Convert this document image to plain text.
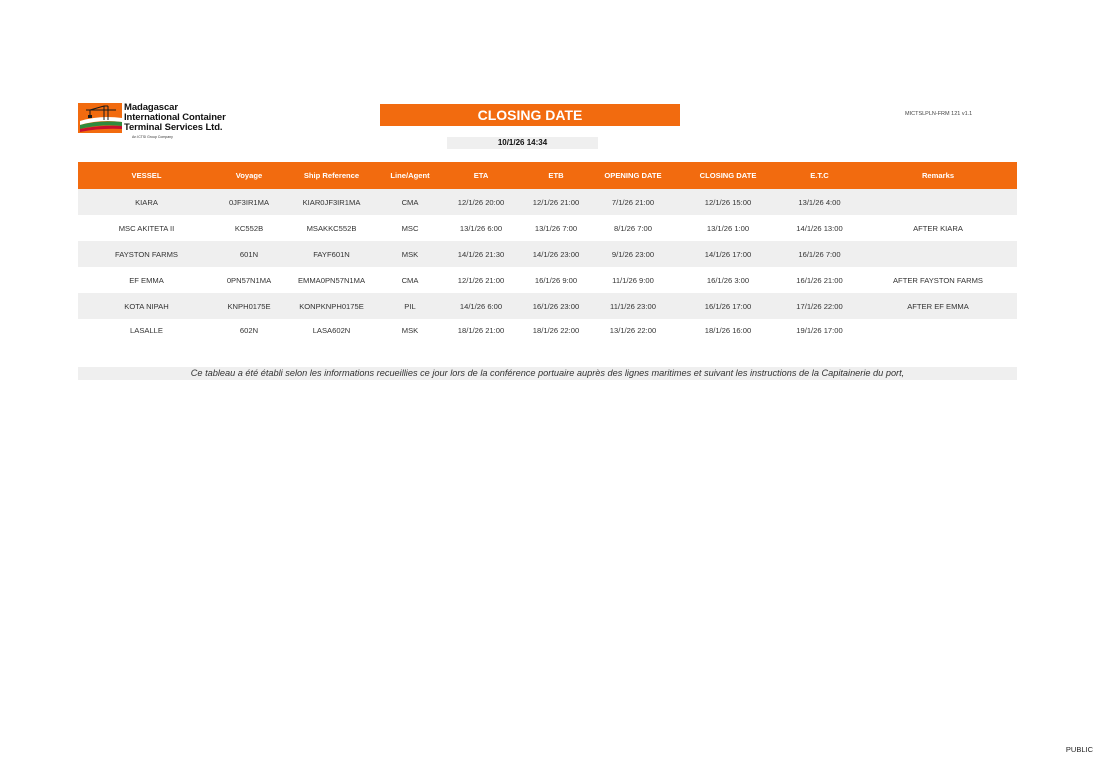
Madagascar
International Container
Terminal Services Ltd.
An ICTSI Group Company
CLOSING DATE
10/1/26 14:34
MICTSLPLN-FRM 121 v1.1
VESSEL	Voyage	Ship Reference	Line/Agent	ETA	ETB	OPENING DATE	CLOSING DATE	E.T.C	Remarks
KIARA	0JF3IR1MA	KIAR0JF3IR1MA	CMA	12/1/26 20:00	12/1/26 21:00	7/1/26 21:00	12/1/26 15:00	13/1/26 4:00	
MSC AKITETA II	KC552B	MSAKKC552B	MSC	13/1/26 6:00	13/1/26 7:00	8/1/26 7:00	13/1/26 1:00	14/1/26 13:00	AFTER KIARA
FAYSTON FARMS	601N	FAYF601N	MSK	14/1/26 21:30	14/1/26 23:00	9/1/26 23:00	14/1/26 17:00	16/1/26 7:00	
EF EMMA	0PN57N1MA	EMMA0PN57N1MA	CMA	12/1/26 21:00	16/1/26 9:00	11/1/26 9:00	16/1/26 3:00	16/1/26 21:00	AFTER FAYSTON FARMS
KOTA NIPAH	KNPH0175E	KONPKNPH0175E	PIL	14/1/26 6:00	16/1/26 23:00	11/1/26 23:00	16/1/26 17:00	17/1/26 22:00	AFTER EF EMMA
LASALLE	602N	LASA602N	MSK	18/1/26 21:00	18/1/26 22:00	13/1/26 22:00	18/1/26 16:00	19/1/26 17:00	
Ce tableau a été établi selon les informations recueillies ce jour lors de la conférence portuaire auprès des lignes maritimes et suivant les instructions de la Capitainerie du port,
PUBLIC
